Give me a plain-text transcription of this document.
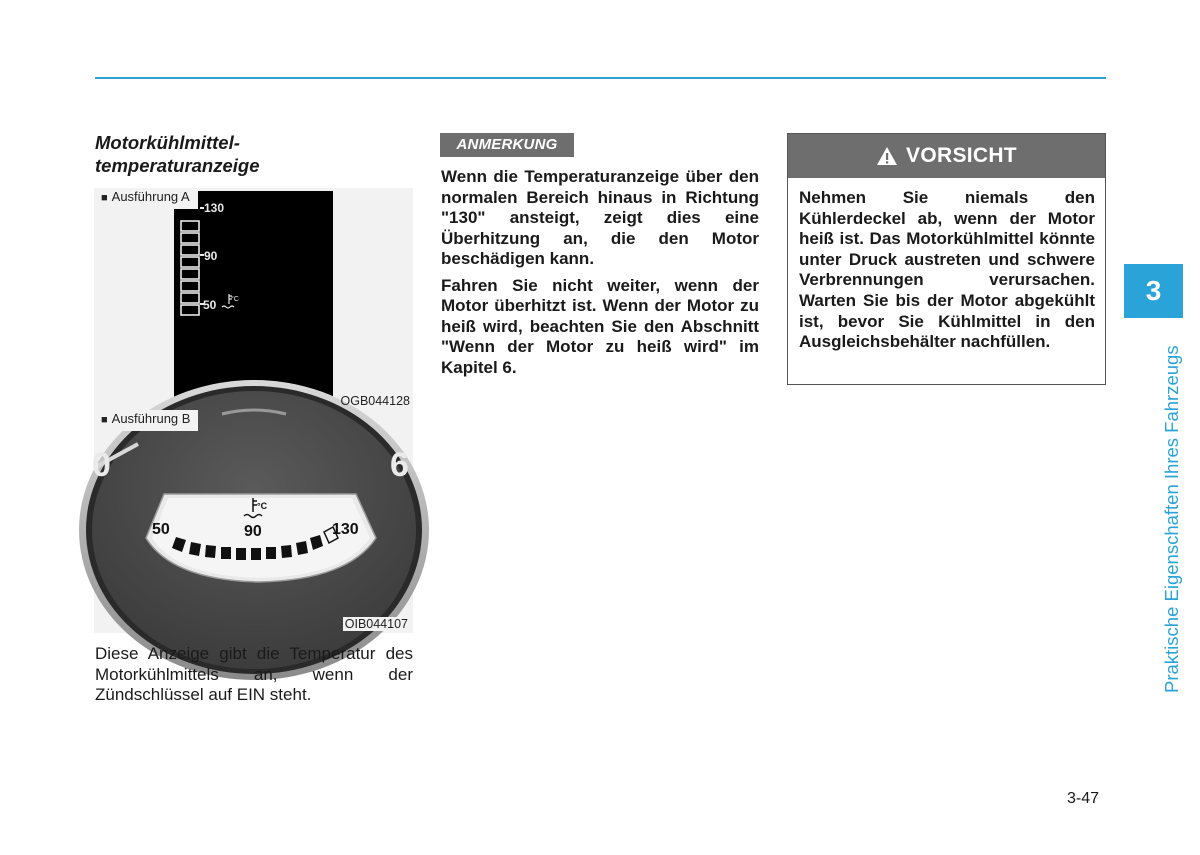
Motorkühlmittel-
temperaturanzeige
■ Ausführung A
130
90
50 °C
OGB044128
0	6
50	90	130
°C
■ Ausführung B
OIB044107
Diese Anzeige gibt die Temperatur des Motorkühlmittels an, wenn der Zündschlüssel auf EIN steht.
ANMERKUNG

Wenn die Temperaturanzeige über den normalen Bereich hinaus in Richtung "130" ansteigt, zeigt dies eine Überhitzung an, die den Motor beschädigen kann.

Fahren Sie nicht weiter, wenn der Motor überhitzt ist. Wenn der Motor zu heiß wird, beachten Sie den Abschnitt "Wenn der Motor zu heiß wird" im Kapitel 6.

VORSICHT
Nehmen Sie niemals den Kühlerdeckel ab, wenn der Motor heiß ist. Das Motorkühlmittel könnte unter Druck austreten und schwere Verbrennungen verursachen. Warten Sie bis der Motor abgekühlt ist, bevor Sie Kühlmittel in den Ausgleichsbehälter nachfüllen.
3
Praktische Eigenschaften Ihres Fahrzeugs
3-47
